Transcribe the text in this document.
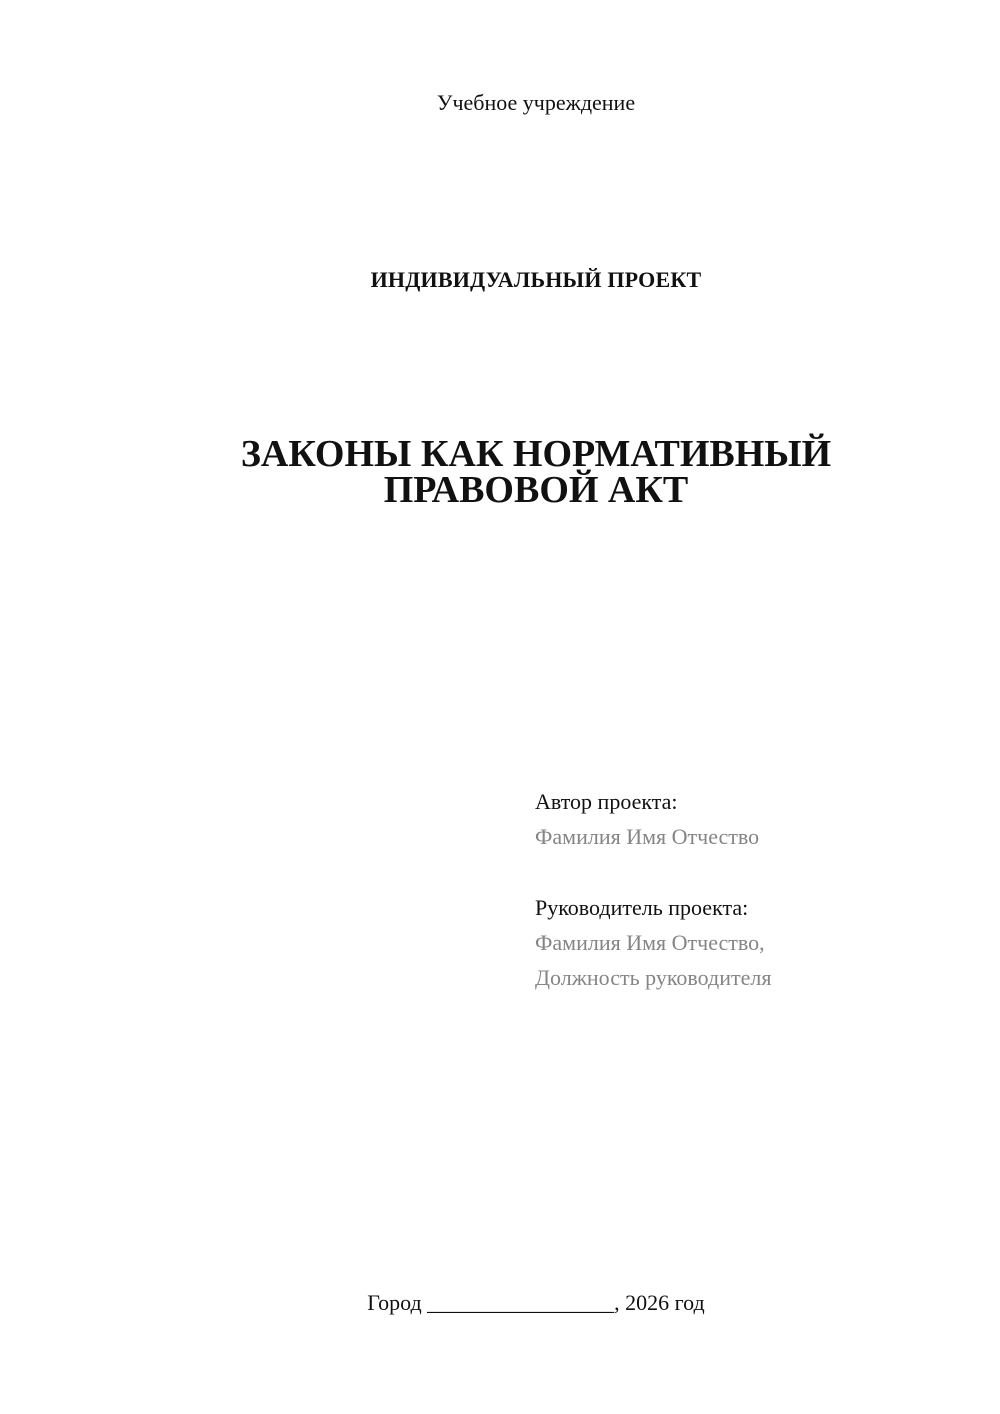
Учебное учреждение
ИНДИВИДУАЛЬНЫЙ ПРОЕКТ
ЗАКОНЫ КАК НОРМАТИВНЫЙ
ПРАВОВОЙ АКТ
Автор проекта:
Фамилия Имя Отчество
Руководитель проекта:
Фамилия Имя Отчество,
Должность руководителя
Город _________________, 2026 год
